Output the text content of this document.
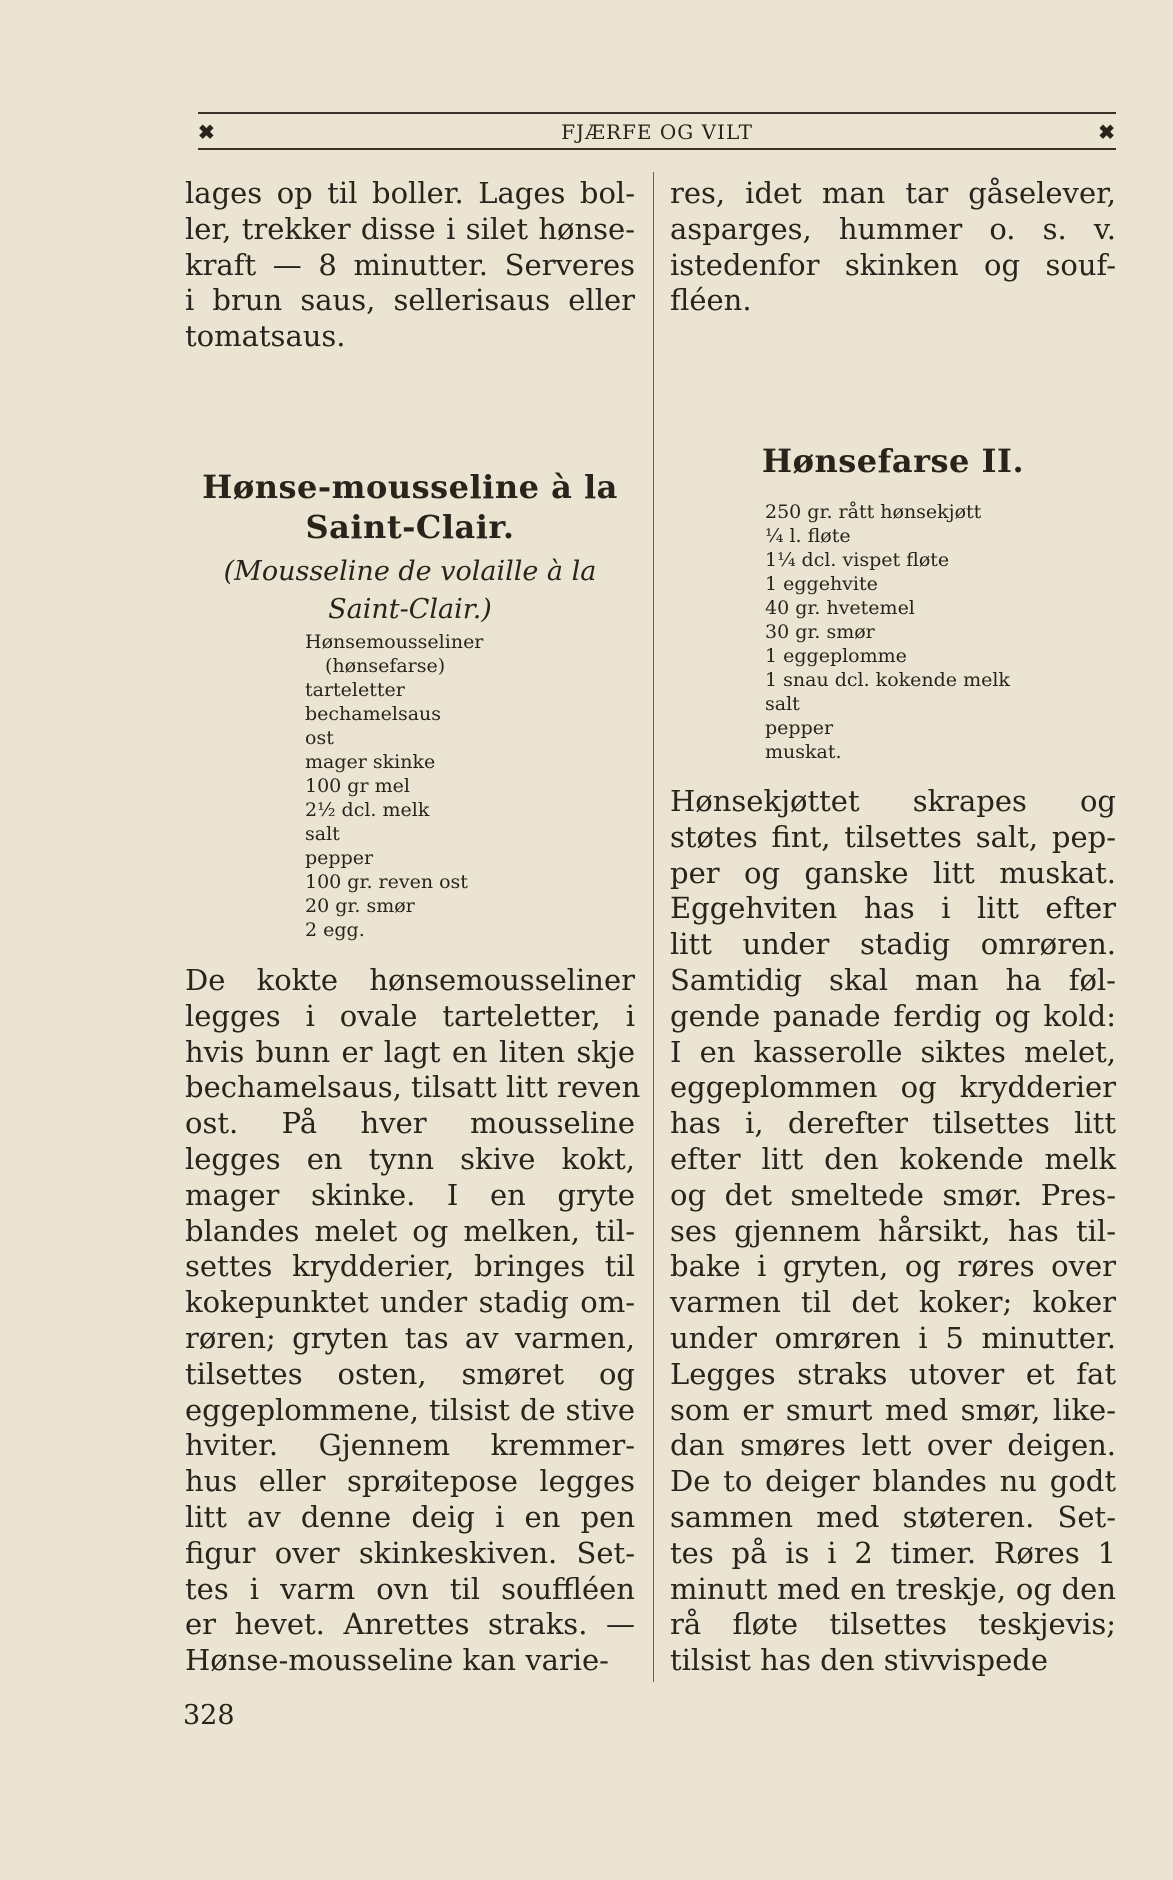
✖	FJÆRFE OG VILT	✖

lages op til boller. Lages bol-
ler, trekker disse i silet hønse-
kraft — 8 minutter. Serveres
i brun saus, sellerisaus eller
tomatsaus.

Hønse-mousseline à la

Saint-Clair.

(Mousseline de volaille à la

Saint-Clair.)

Hønsemousseliner
(hønsefarse)
tarteletter
bechamelsaus
ost
mager skinke
100 gr mel
2½ dcl. melk
salt
pepper
100 gr. reven ost
20 gr. smør
2 egg.

De kokte hønsemousseliner
legges i ovale tarteletter, i
hvis bunn er lagt en liten skje
bechamelsaus, tilsatt litt reven
ost. På hver mousseline
legges en tynn skive kokt,
mager skinke. I en gryte
blandes melet og melken, til-
settes krydderier, bringes til
kokepunktet under stadig om-
røren; gryten tas av varmen,
tilsettes osten, smøret og
eggeplommene, tilsist de stive
hviter. Gjennem kremmer-
hus eller sprøitepose legges
litt av denne deig i en pen
figur over skinkeskiven. Set-
tes i varm ovn til souffléen
er hevet. Anrettes straks. —
Hønse-mousseline kan varie-

res, idet man tar gåselever,
asparges, hummer o. s. v.
istedenfor skinken og souf-
fléen.

Hønsefarse II.

250 gr. rått hønsekjøtt
¼ l. fløte
1¼ dcl. vispet fløte
1 eggehvite
40 gr. hvetemel
30 gr. smør
1 eggeplomme
1 snau dcl. kokende melk
salt
pepper
muskat.

Hønsekjøttet skrapes og
støtes fint, tilsettes salt, pep-
per og ganske litt muskat.
Eggehviten has i litt efter
litt under stadig omrøren.
Samtidig skal man ha føl-
gende panade ferdig og kold:
I en kasserolle siktes melet,
eggeplommen og krydderier
has i, derefter tilsettes litt
efter litt den kokende melk
og det smeltede smør. Pres-
ses gjennem hårsikt, has til-
bake i gryten, og røres over
varmen til det koker; koker
under omrøren i 5 minutter.
Legges straks utover et fat
som er smurt med smør, like-
dan smøres lett over deigen.
De to deiger blandes nu godt
sammen med støteren. Set-
tes på is i 2 timer. Røres 1
minutt med en treskje, og den
rå fløte tilsettes teskjevis;
tilsist has den stivvispede

328
